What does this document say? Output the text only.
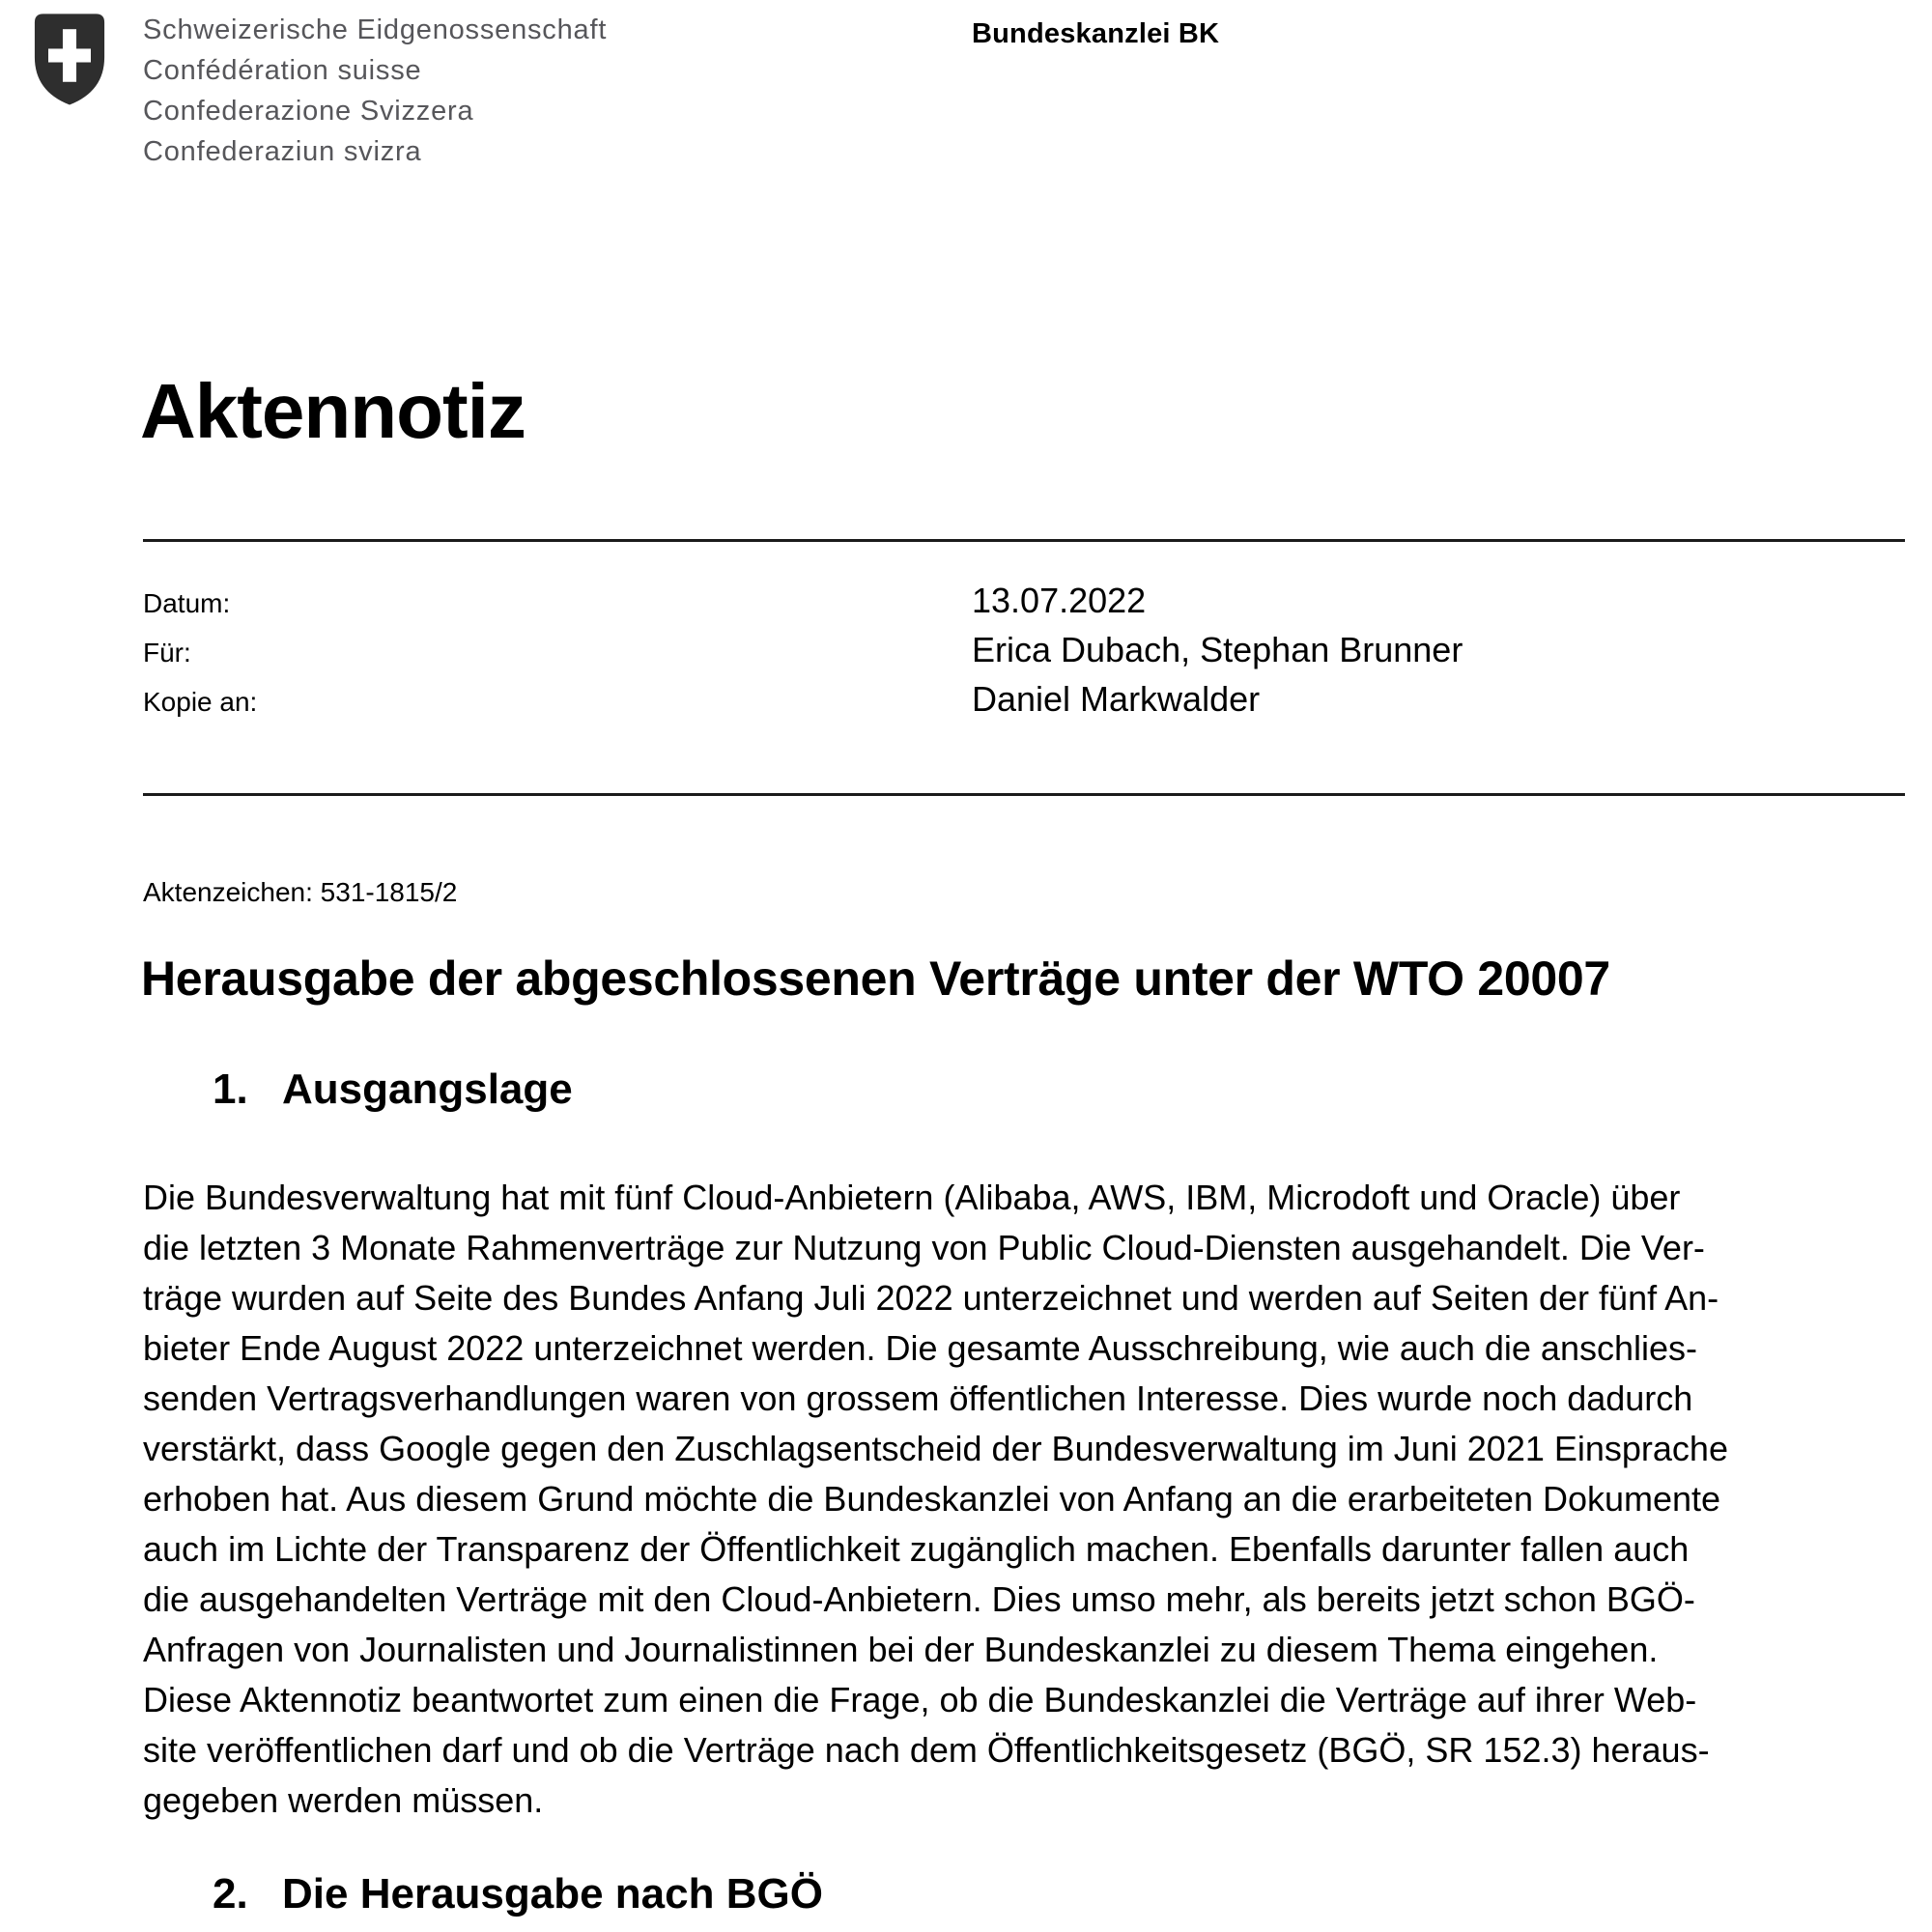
Schweizerische Eidgenossenschaft
Confédération suisse
Confederazione Svizzera
Confederaziun svizra
Bundeskanzlei BK
Aktennotiz
Datum:	13.07.2022
Für:	Erica Dubach, Stephan Brunner
Kopie an:	Daniel Markwalder
Aktenzeichen: 531-1815/2
Herausgabe der abgeschlossenen Verträge unter der WTO 20007
1. Ausgangslage
Die Bundesverwaltung hat mit fünf Cloud-Anbietern (Alibaba, AWS, IBM, Microdoft und Oracle) über
die letzten 3 Monate Rahmenverträge zur Nutzung von Public Cloud-Diensten ausgehandelt. Die Ver-
träge wurden auf Seite des Bundes Anfang Juli 2022 unterzeichnet und werden auf Seiten der fünf An-
bieter Ende August 2022 unterzeichnet werden. Die gesamte Ausschreibung, wie auch die anschlies-
senden Vertragsverhandlungen waren von grossem öffentlichen Interesse. Dies wurde noch dadurch
verstärkt, dass Google gegen den Zuschlagsentscheid der Bundesverwaltung im Juni 2021 Einsprache
erhoben hat. Aus diesem Grund möchte die Bundeskanzlei von Anfang an die erarbeiteten Dokumente
auch im Lichte der Transparenz der Öffentlichkeit zugänglich machen. Ebenfalls darunter fallen auch
die ausgehandelten Verträge mit den Cloud-Anbietern. Dies umso mehr, als bereits jetzt schon BGÖ-
Anfragen von Journalisten und Journalistinnen bei der Bundeskanzlei zu diesem Thema eingehen.
Diese Aktennotiz beantwortet zum einen die Frage, ob die Bundeskanzlei die Verträge auf ihrer Web-
site veröffentlichen darf und ob die Verträge nach dem Öffentlichkeitsgesetz (BGÖ, SR 152.3) heraus-
gegeben werden müssen.
2. Die Herausgabe nach BGÖ
